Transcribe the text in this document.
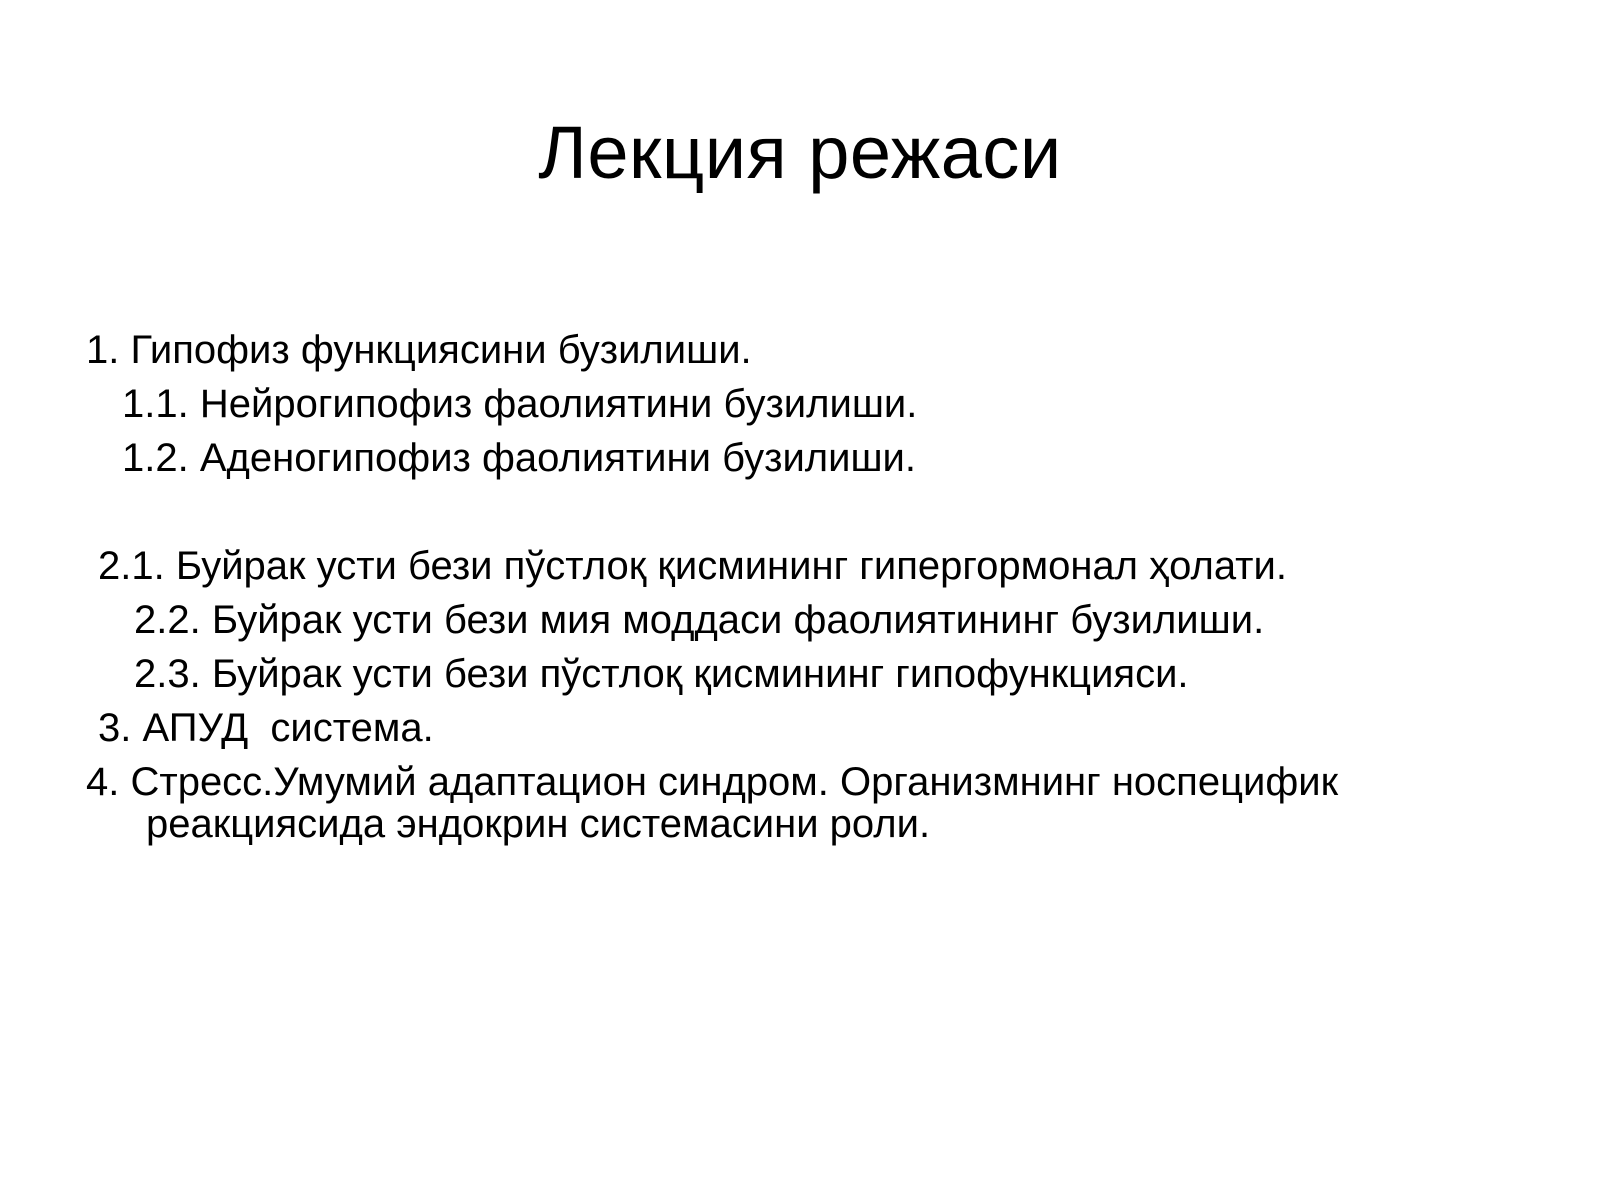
Лекция режаси
1. Гипофиз функциясини бузилиши.
1.1. Нейрогипофиз фаолиятини бузилиши.
1.2. Аденогипофиз фаолиятини бузилиши.
2.1. Буйрак усти бези пўстлоқ қисмининг гипергормонал ҳолати.
2.2. Буйрак усти бези мия моддаси фаолиятининг бузилиши.
2.3. Буйрак усти бези пўстлоқ қисмининг гипофункцияси.
3. АПУД  система.
4. Стресс.Умумий адаптацион синдром. Организмнинг носпецифик
реакциясида эндокрин системасини роли.
